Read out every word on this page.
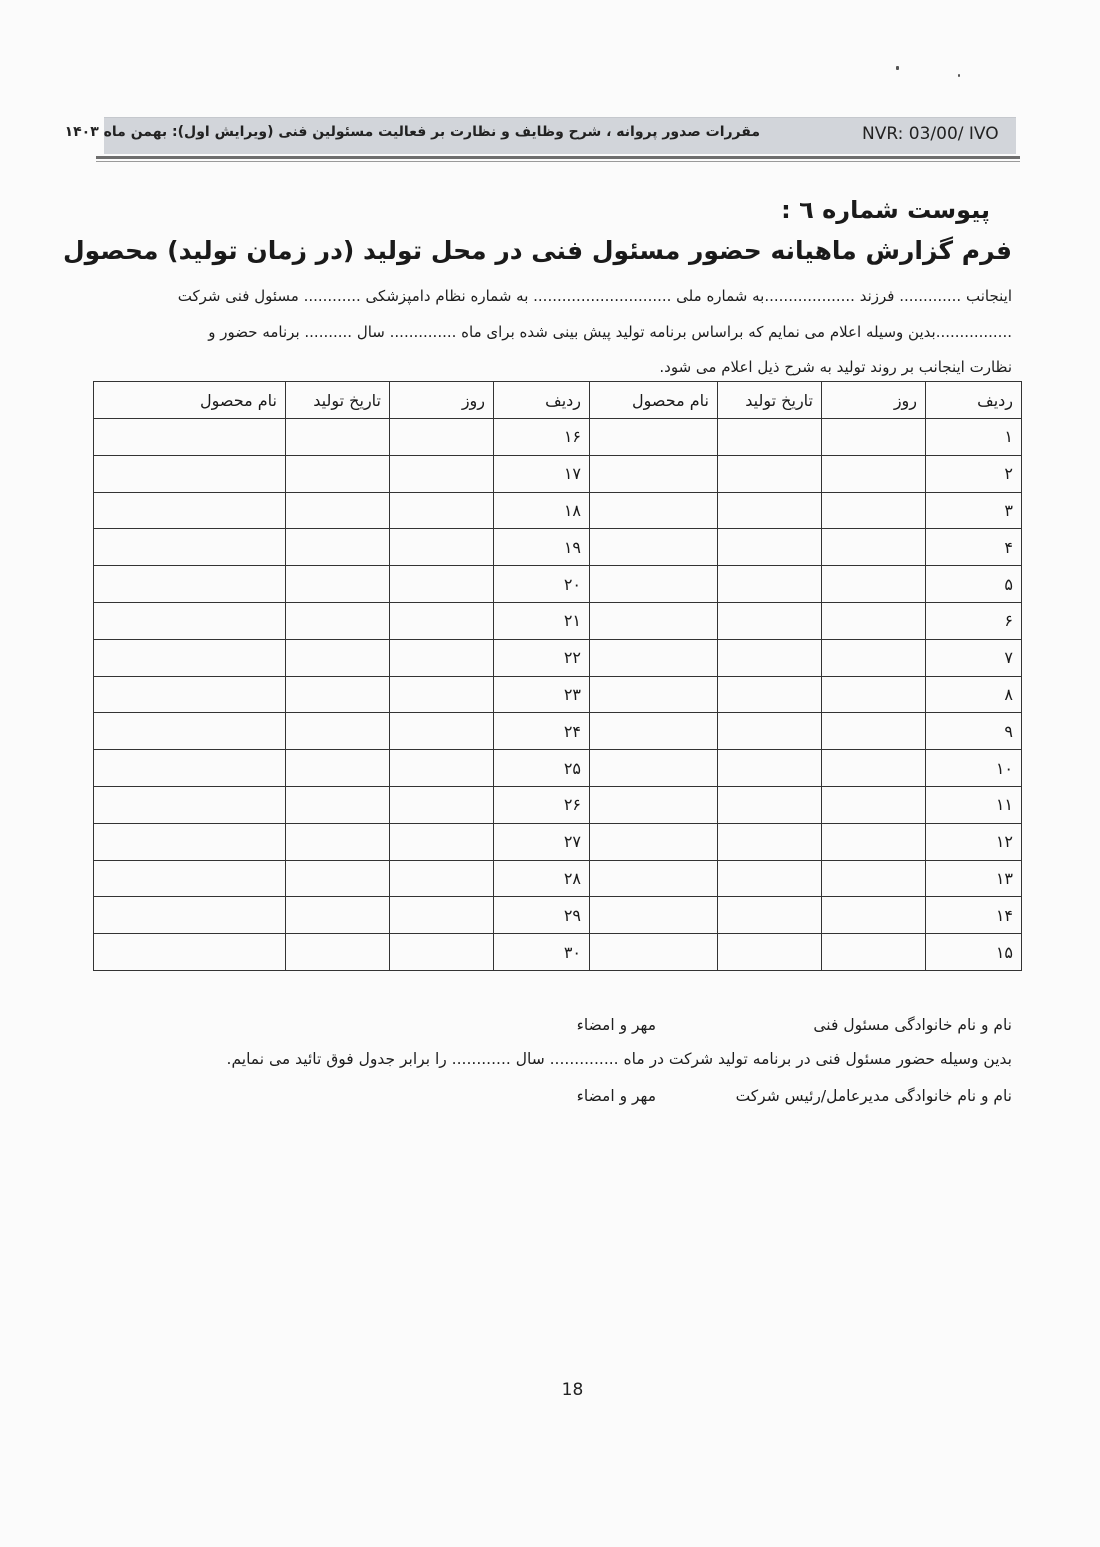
NVR: 03/00/ IVO
مقررات صدور پروانه ، شرح وظایف و نظارت بر فعالیت مسئولین فنی (ویرایش اول): بهمن ماه ۱۴۰۳
پیوست شماره ٦ :
فرم گزارش ماهیانه حضور مسئول فنی در محل تولید (در زمان تولید) محصول
اینجانب ............. فرزند ...................به شماره ملی ............................. به شماره نظام دامپزشکی ............ مسئول فنی شرکت
................بدین وسیله اعلام می نمایم که براساس برنامه تولید پیش بینی شده برای ماه .............. سال .......... برنامه حضور و
نظارت اینجانب بر روند تولید به شرح ذیل اعلام می شود.
ردیف	روز	تاریخ تولید	نام محصول	ردیف	روز	تاریخ تولید	نام محصول
۱				۱۶			
۲				۱۷			
۳				۱۸			
۴				۱۹			
۵				۲۰			
۶				۲۱			
۷				۲۲			
۸				۲۳			
۹				۲۴			
۱۰				۲۵			
۱۱				۲۶			
۱۲				۲۷			
۱۳				۲۸			
۱۴				۲۹			
۱۵				۳۰			
نام و نام خانوادگی مسئول فنی
مهر و امضاء
بدین وسیله حضور مسئول فنی در برنامه تولید شرکت در ماه .............. سال ............ را برابر جدول فوق تائید می نمایم.
نام و نام خانوادگی مدیرعامل/رئیس شرکت
مهر و امضاء
18
